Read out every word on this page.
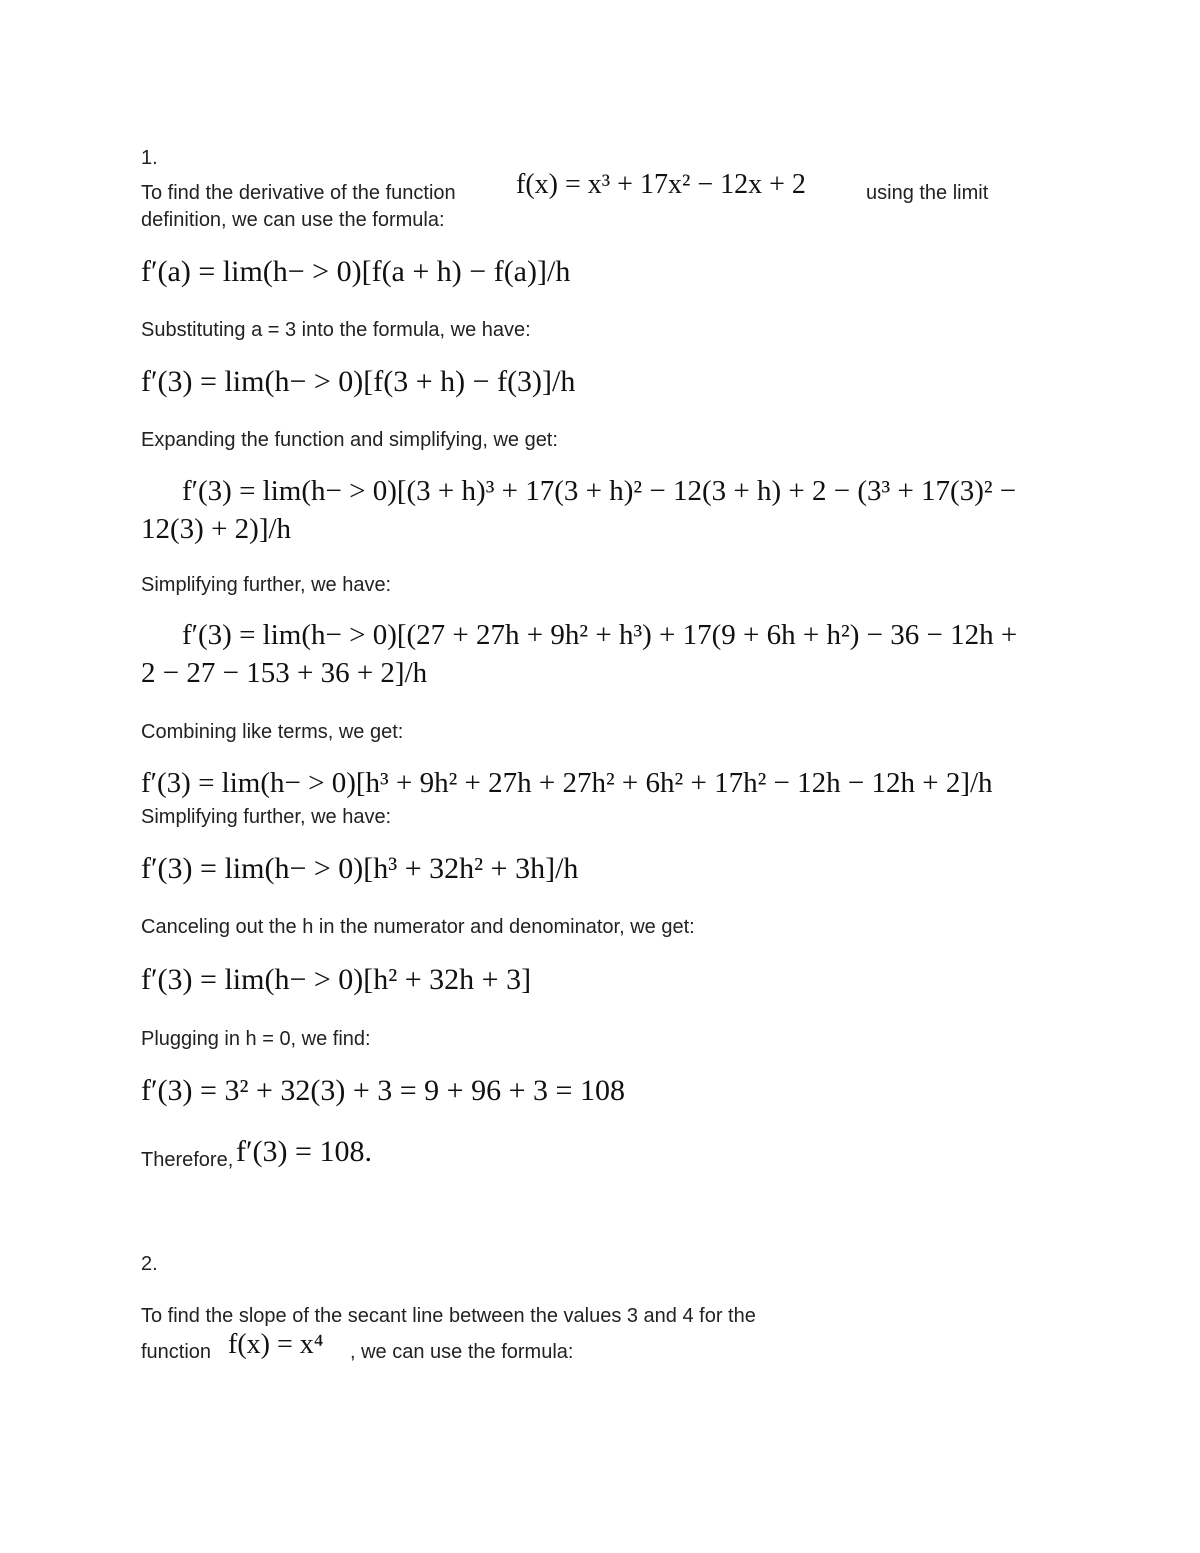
1.
To find the derivative of the function f(x) = x³ + 17x² − 12x + 2	using the limit
definition, we can use the formula:
f′(a) = lim(h− > 0)[f(a + h) − f(a)]/h
Substituting a = 3 into the formula, we have:
f′(3) = lim(h− > 0)[f(3 + h) − f(3)]/h
Expanding the function and simplifying, we get:
f′(3) = lim(h− > 0)[(3 + h)³ + 17(3 + h)² − 12(3 + h) + 2 − (3³ + 17(3)² −
12(3) + 2)]/h
Simplifying further, we have:
f′(3) = lim(h− > 0)[(27 + 27h + 9h² + h³) + 17(9 + 6h + h²) − 36 − 12h +
2 − 27 − 153 + 36 + 2]/h
Combining like terms, we get:
f′(3) = lim(h− > 0)[h³ + 9h² + 27h + 27h² + 6h² + 17h² − 12h − 12h + 2]/h
Simplifying further, we have:
f′(3) = lim(h− > 0)[h³ + 32h² + 3h]/h
Canceling out the h in the numerator and denominator, we get:
f′(3) = lim(h− > 0)[h² + 32h + 3]
Plugging in h = 0, we find:
f′(3) = 3² + 32(3) + 3 = 9 + 96 + 3 = 108
Therefore, f′(3) = 108.
2.
To find the slope of the secant line between the values 3 and 4 for the
function f(x) = x⁴ , we can use the formula:
